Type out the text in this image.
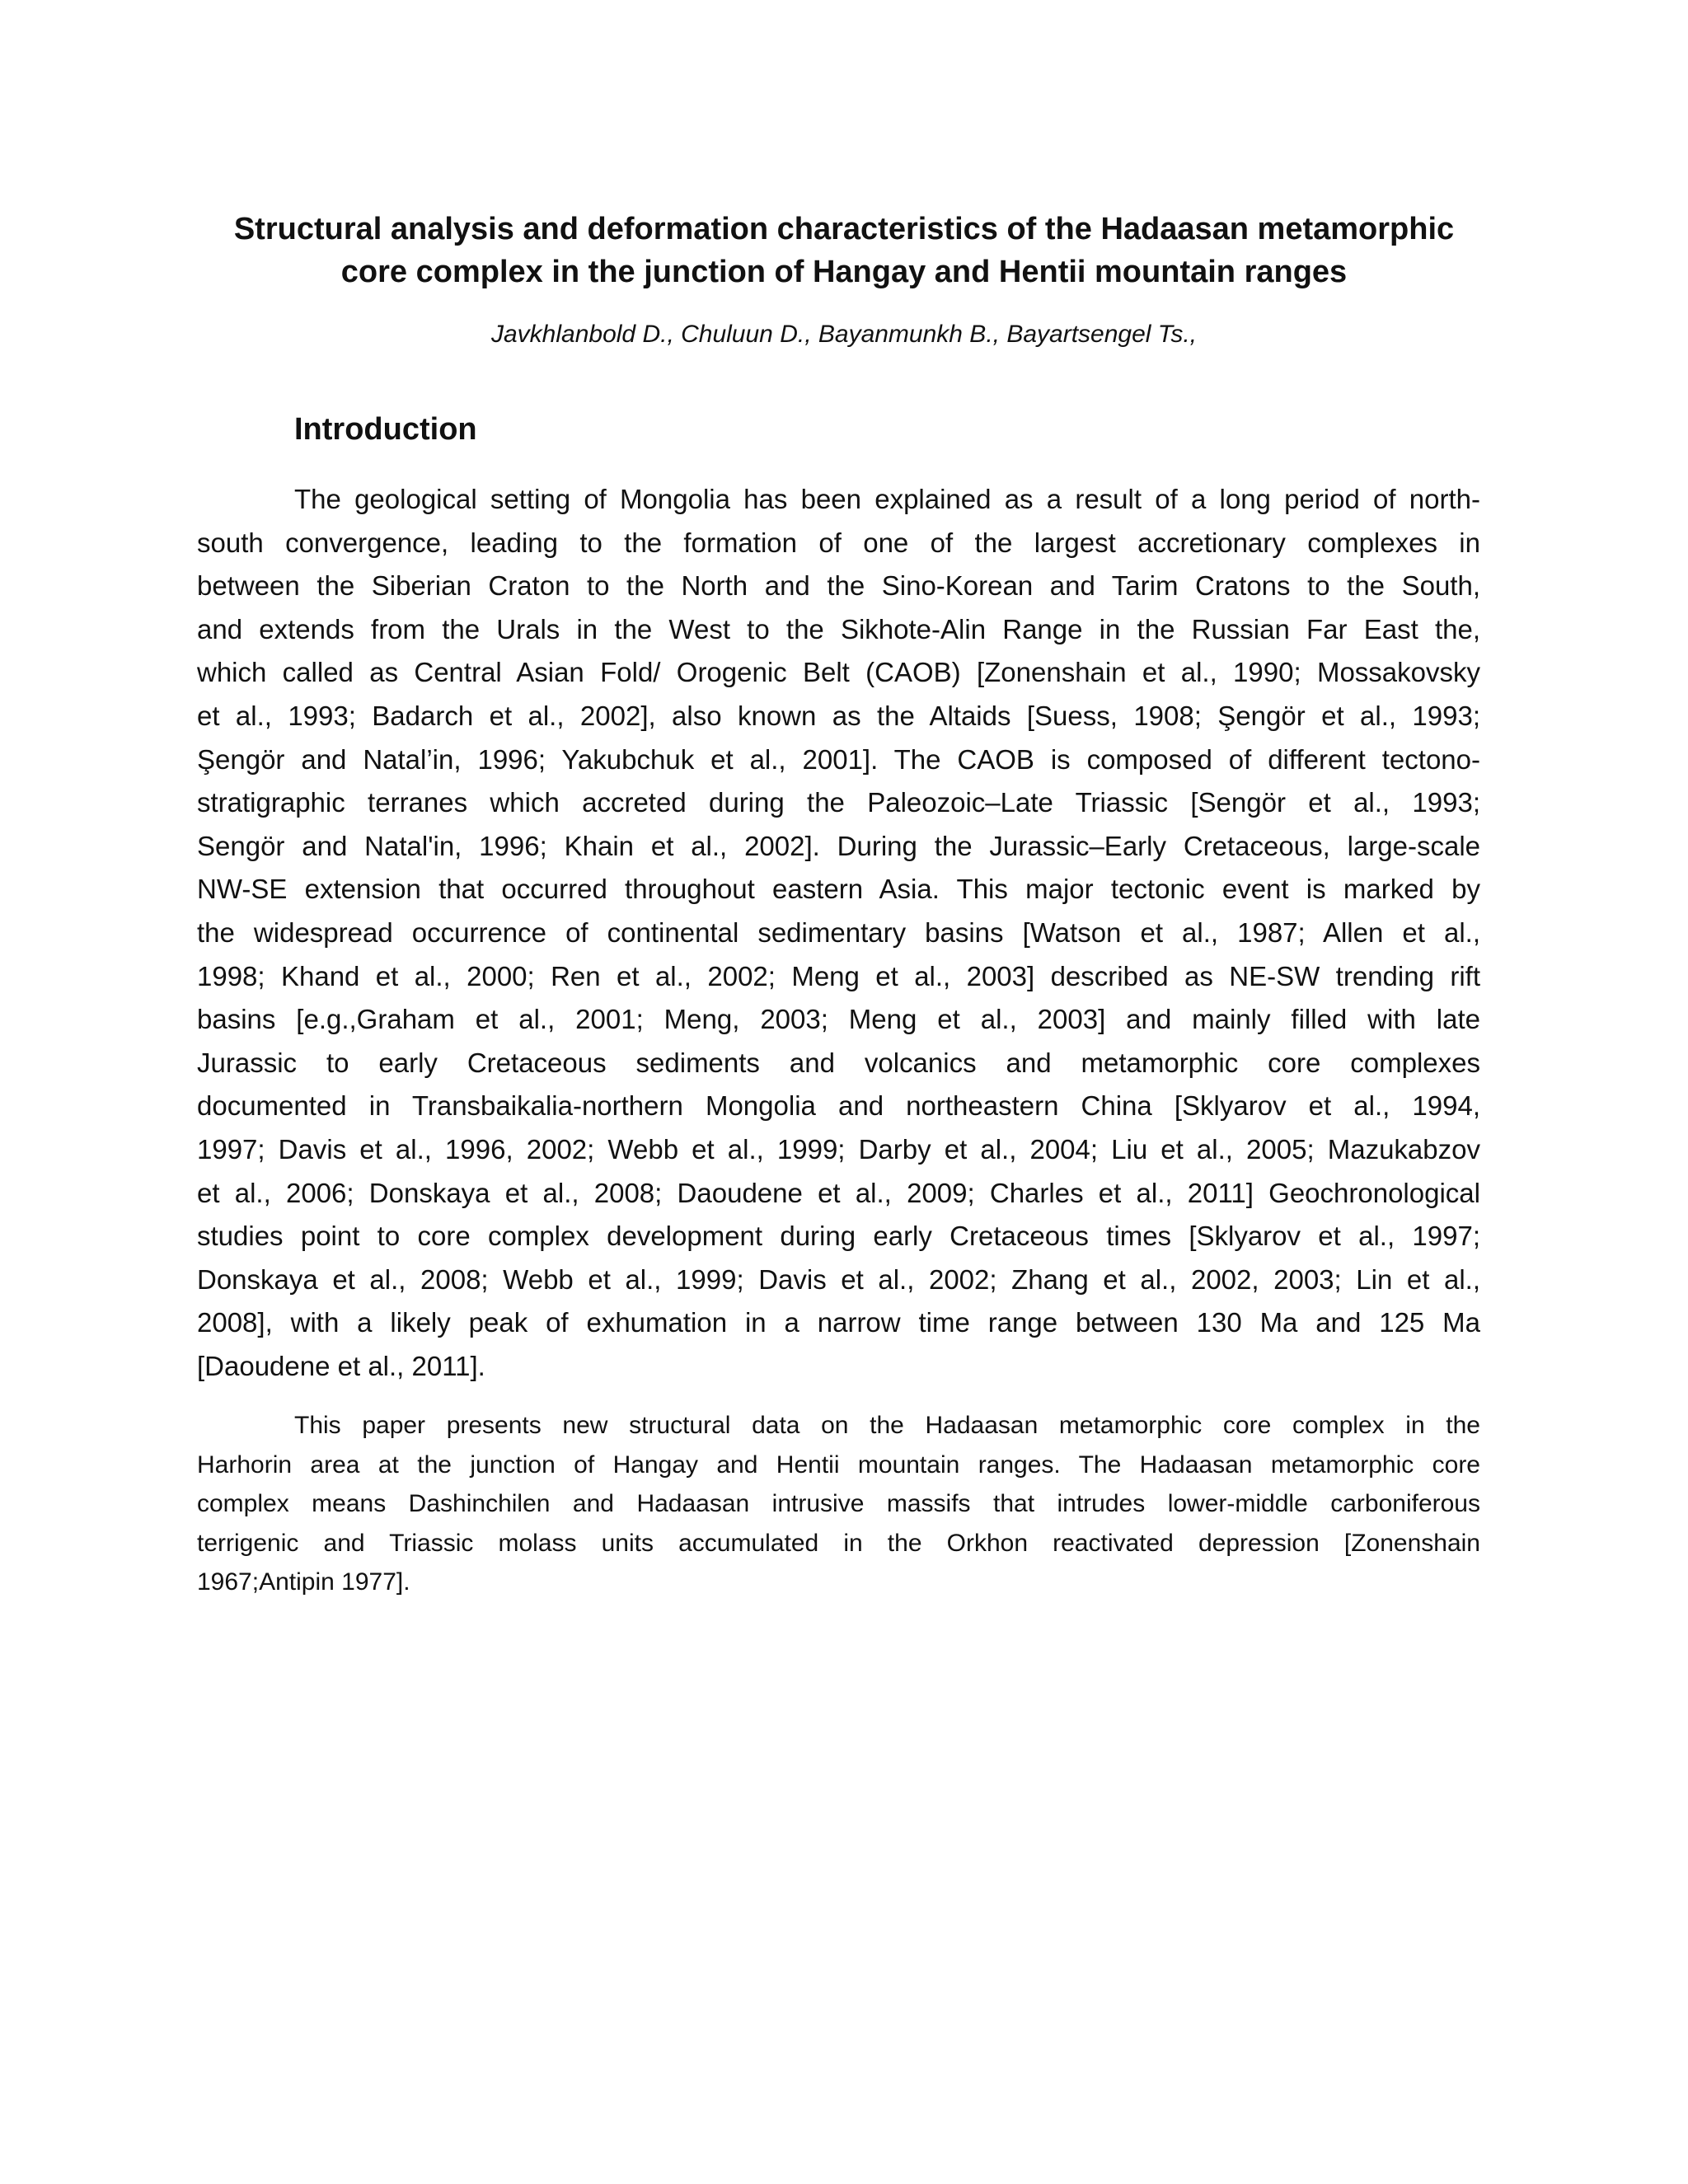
Structural analysis and deformation characteristics of the Hadaasan metamorphic
core complex in the junction of Hangay and Hentii mountain ranges

Javkhlanbold D., Chuluun D., Bayanmunkh B., Bayartsengel Ts.,

Introduction
The geological setting of Mongolia has been explained as a result of a long period of north-
south convergence, leading to the formation of one of the largest accretionary complexes in
between the Siberian Craton to the North and the Sino-Korean and Tarim Cratons to the South,
and extends from the Urals in the West to the Sikhote-Alin Range in the Russian Far East the,
which called as Central Asian Fold/ Orogenic Belt (CAOB) [Zonenshain et al., 1990; Mossakovsky
et al., 1993; Badarch et al., 2002], also known as the Altaids [Suess, 1908; Şengör et al., 1993;
Şengör and Natal’in, 1996; Yakubchuk et al., 2001]. The CAOB is composed of different tectono-
stratigraphic terranes which accreted during the Paleozoic–Late Triassic [Sengör et al., 1993;
Sengör and Natal'in, 1996; Khain et al., 2002]. During the Jurassic–Early Cretaceous, large-scale
NW-SE extension that occurred throughout eastern Asia. This major tectonic event is marked by
the widespread occurrence of continental sedimentary basins [Watson et al., 1987; Allen et al.,
1998; Khand et al., 2000; Ren et al., 2002; Meng et al., 2003] described as NE-SW trending rift
basins [e.g.,Graham et al., 2001; Meng, 2003; Meng et al., 2003] and mainly filled with late
Jurassic to early Cretaceous sediments and volcanics and metamorphic core complexes
documented in Transbaikalia-northern Mongolia and northeastern China [Sklyarov et al., 1994,
1997; Davis et al., 1996, 2002; Webb et al., 1999; Darby et al., 2004; Liu et al., 2005; Mazukabzov
et al., 2006; Donskaya et al., 2008; Daoudene et al., 2009; Charles et al., 2011] Geochronological
studies point to core complex development during early Cretaceous times [Sklyarov et al., 1997;
Donskaya et al., 2008; Webb et al., 1999; Davis et al., 2002; Zhang et al., 2002, 2003; Lin et al.,
2008], with a likely peak of exhumation in a narrow time range between 130 Ma and 125 Ma
[Daoudene et al., 2011].
This paper presents new structural data on the Hadaasan metamorphic core complex in the
Harhorin area at the junction of Hangay and Hentii mountain ranges. The Hadaasan metamorphic core
complex means Dashinchilen and Hadaasan intrusive massifs that intrudes lower-middle carboniferous
terrigenic and Triassic molass units accumulated in the Orkhon reactivated depression [Zonenshain
1967;Antipin 1977].
